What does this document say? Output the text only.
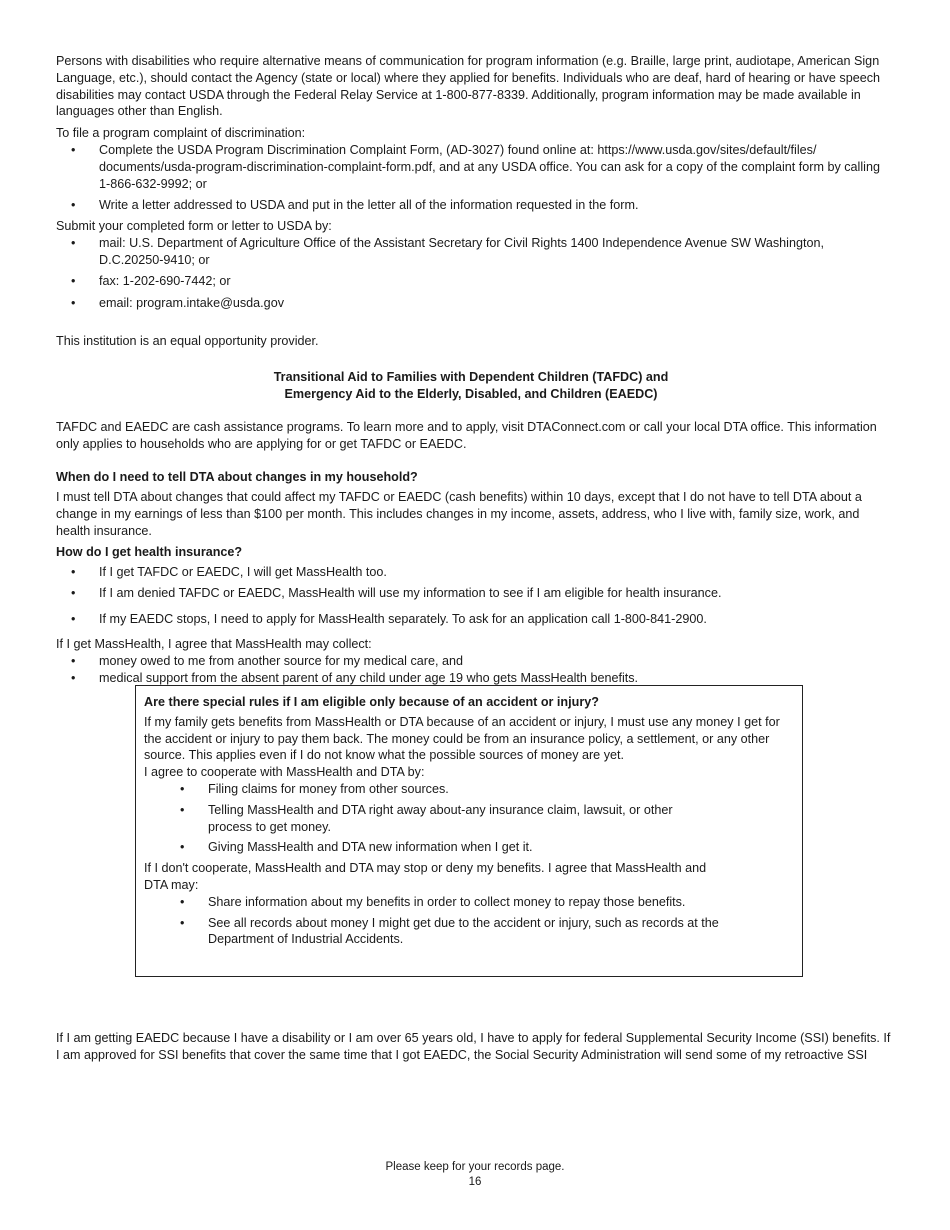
Persons with disabilities who require alternative means of communication for program information (e.g. Braille, large print, audiotape, American Sign Language, etc.), should contact the Agency (state or local) where they applied for benefits. Individuals who are deaf, hard of hearing or have speech disabilities may contact USDA through the Federal Relay Service at 1-800-877-8339. Additionally, program information may be made available in languages other than English.

To file a program complaint of discrimination:

• Complete the USDA Program Discrimination Complaint Form, (AD-3027) found online at: https://www.usda.gov/sites/default/files/ documents/usda-program-discrimination-complaint-form.pdf, and at any USDA office. You can ask for a copy of the complaint form by calling 1-866-632-9992; or
• Write a letter addressed to USDA and put in the letter all of the information requested in the form.

Submit your completed form or letter to USDA by:

• mail: U.S. Department of Agriculture Office of the Assistant Secretary for Civil Rights 1400 Independence Avenue SW Washington, D.C.20250-9410; or
• fax: 1-202-690-7442; or
• email: program.intake@usda.gov

This institution is an equal opportunity provider.

Transitional Aid to Families with Dependent Children (TAFDC) and

Emergency Aid to the Elderly, Disabled, and Children (EAEDC)

TAFDC and EAEDC are cash assistance programs. To learn more and to apply, visit DTAConnect.com or call your local DTA office. This information only applies to households who are applying for or get TAFDC or EAEDC.

When do I need to tell DTA about changes in my household?

I must tell DTA about changes that could affect my TAFDC or EAEDC (cash benefits) within 10 days, except that I do not have to tell DTA about a change in my earnings of less than $100 per month. This includes changes in my income, assets, address, who I live with, family size, work, and health insurance.

How do I get health insurance?

• If I get TAFDC or EAEDC, I will get MassHealth too.
• If I am denied TAFDC or EAEDC, MassHealth will use my information to see if I am eligible for health insurance.
• If my EAEDC stops, I need to apply for MassHealth separately. To ask for an application call 1-800-841-2900.

If I get MassHealth, I agree that MassHealth may collect:

• money owed to me from another source for my medical care, and
• medical support from the absent parent of any child under age 19 who gets MassHealth benefits.

Are there special rules if I am eligible only because of an accident or injury?

If my family gets benefits from MassHealth or DTA because of an accident or injury, I must use any money I get for the accident or injury to pay them back. The money could be from an insurance policy, a settlement, or any other source. This applies even if I do not know what the possible sources of money are yet.

I agree to cooperate with MassHealth and DTA by:

• Filing claims for money from other sources.
• Telling MassHealth and DTA right away about-any insurance claim, lawsuit, or other process to get money.
• Giving MassHealth and DTA new information when I get it.

If I don't cooperate, MassHealth and DTA may stop or deny my benefits. I agree that MassHealth and DTA may:

• Share information about my benefits in order to collect money to repay those benefits.
• See all records about money I might get due to the accident or injury, such as records at the Department of Industrial Accidents.

If I am getting EAEDC because I have a disability or I am over 65 years old, I have to apply for federal Supplemental Security Income (SSI) benefits. If I am approved for SSI benefits that cover the same time that I got EAEDC, the Social Security Administration will send some of my retroactive SSI

Please keep for your records page.
16
